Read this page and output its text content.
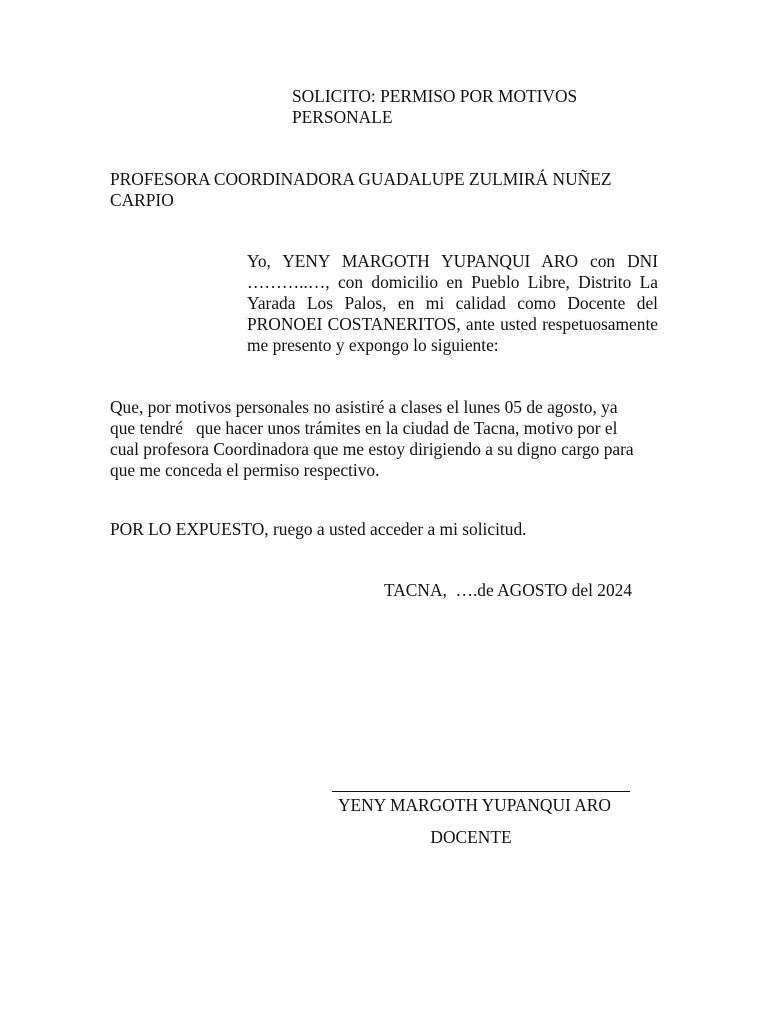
SOLICITO: PERMISO POR MOTIVOS
PERSONALE
PROFESORA COORDINADORA GUADALUPE ZULMIRÁ NUÑEZ
CARPIO

Yo, YENY MARGOTH YUPANQUI ARO con DNI ………..…, con domicilio en Pueblo Libre, Distrito La Yarada Los Palos, en mi calidad como Docente del PRONOEI COSTANERITOS, ante usted respetuosamente me presento y expongo lo siguiente:

Que, por motivos personales no asistiré a clases el lunes 05 de agosto, ya
que tendré   que hacer unos trámites en la ciudad de Tacna, motivo por el
cual profesora Coordinadora que me estoy dirigiendo a su digno cargo para
que me conceda el permiso respectivo.

POR LO EXPUESTO, ruego a usted acceder a mi solicitud.

TACNA,  ….de AGOSTO del 2024

YENY MARGOTH YUPANQUI ARO

DOCENTE
